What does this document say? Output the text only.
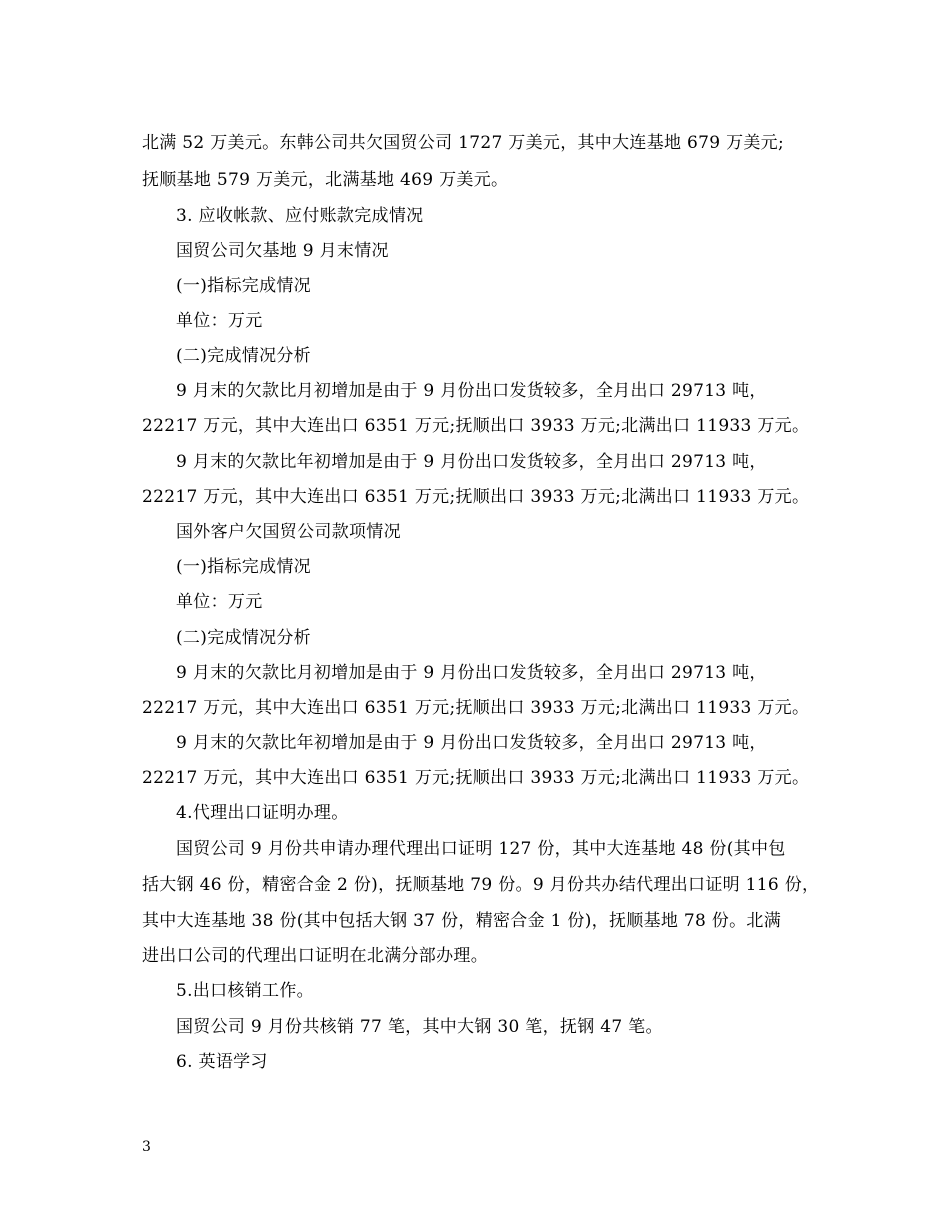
北满 52 万美元。东韩公司共欠国贸公司 1727 万美元，其中大连基地 679 万美元;
抚顺基地 579 万美元，北满基地 469 万美元。
3. 应收帐款、应付账款完成情况
国贸公司欠基地 9 月末情况
(一)指标完成情况
单位：万元
(二)完成情况分析
9 月末的欠款比月初增加是由于 9 月份出口发货较多，全月出口 29713 吨，
22217 万元，其中大连出口 6351 万元;抚顺出口 3933 万元;北满出口 11933 万元。
9 月末的欠款比年初增加是由于 9 月份出口发货较多，全月出口 29713 吨，
22217 万元，其中大连出口 6351 万元;抚顺出口 3933 万元;北满出口 11933 万元。
国外客户欠国贸公司款项情况
(一)指标完成情况
单位：万元
(二)完成情况分析
9 月末的欠款比月初增加是由于 9 月份出口发货较多，全月出口 29713 吨，
22217 万元，其中大连出口 6351 万元;抚顺出口 3933 万元;北满出口 11933 万元。
9 月末的欠款比年初增加是由于 9 月份出口发货较多，全月出口 29713 吨，
22217 万元，其中大连出口 6351 万元;抚顺出口 3933 万元;北满出口 11933 万元。
4.代理出口证明办理。
国贸公司 9 月份共申请办理代理出口证明 127 份，其中大连基地 48 份(其中包
括大钢 46 份，精密合金 2 份)，抚顺基地 79 份。9 月份共办结代理出口证明 116 份，
其中大连基地 38 份(其中包括大钢 37 份，精密合金 1 份)，抚顺基地 78 份。北满
进出口公司的代理出口证明在北满分部办理。
5.出口核销工作。
国贸公司 9 月份共核销 77 笔，其中大钢 30 笔，抚钢 47 笔。
6. 英语学习
3
